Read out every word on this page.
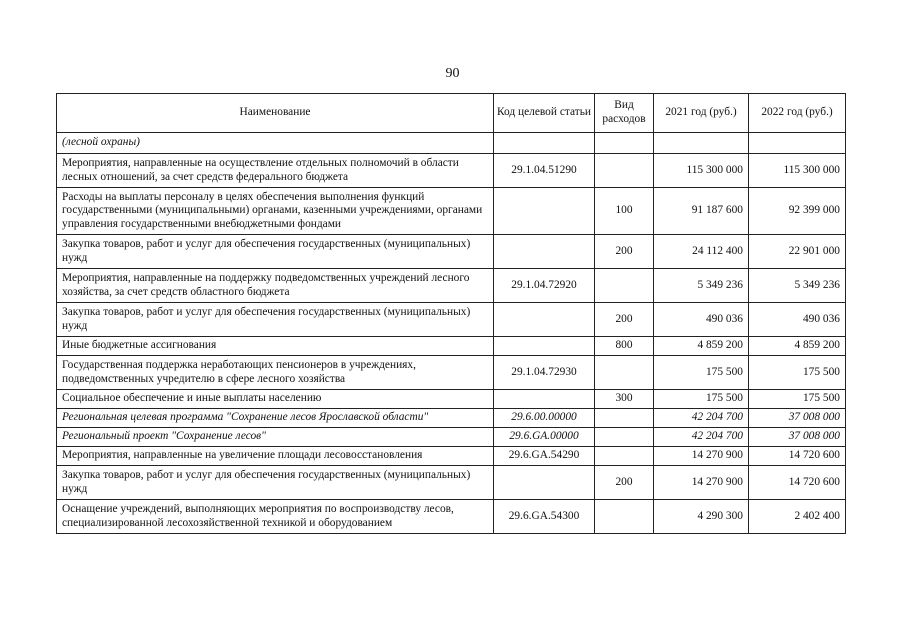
90
Наименование	Код целевой статьи	Вид расходов	2021 год (руб.)	2022 год (руб.)
(лесной охраны)				
Мероприятия, направленные на осуществление отдельных полномочий в области лесных отношений, за счет средств федерального бюджета	29.1.04.51290		115 300 000	115 300 000
Расходы на выплаты персоналу в целях обеспечения выполнения функций государственными (муниципальными) органами, казенными учреждениями, органами управления государственными внебюджетными фондами		100	91 187 600	92 399 000
Закупка товаров, работ и услуг для обеспечения государственных (муниципальных) нужд		200	24 112 400	22 901 000
Мероприятия, направленные на поддержку подведомственных учреждений лесного хозяйства, за счет средств областного бюджета	29.1.04.72920		5 349 236	5 349 236
Закупка товаров, работ и услуг для обеспечения государственных (муниципальных) нужд		200	490 036	490 036
Иные бюджетные ассигнования		800	4 859 200	4 859 200
Государственная поддержка неработающих пенсионеров в учреждениях, подведомственных учредителю в сфере лесного хозяйства	29.1.04.72930		175 500	175 500
Социальное обеспечение и иные выплаты населению		300	175 500	175 500
Региональная целевая программа "Сохранение лесов Ярославской области"	29.6.00.00000		42 204 700	37 008 000
Региональный проект "Сохранение лесов"	29.6.GA.00000		42 204 700	37 008 000
Мероприятия, направленные на увеличение площади лесовосстановления	29.6.GA.54290		14 270 900	14 720 600
Закупка товаров, работ и услуг для обеспечения государственных (муниципальных) нужд		200	14 270 900	14 720 600
Оснащение учреждений, выполняющих мероприятия по воспроизводству лесов, специализированной лесохозяйственной техникой и оборудованием	29.6.GA.54300		4 290 300	2 402 400
